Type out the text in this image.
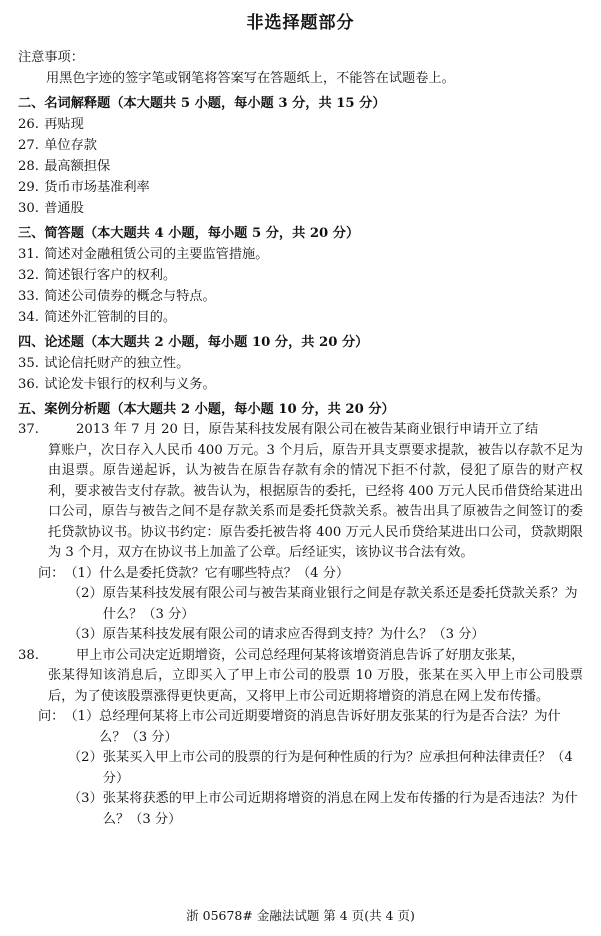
非选择题部分
注意事项：
用黑色字迹的签字笔或钢笔将答案写在答题纸上，不能答在试题卷上。
二、名词解释题（本大题共 5 小题，每小题 3 分，共 15 分）
26. 再贴现
27. 单位存款
28. 最高额担保
29. 货币市场基准利率
30. 普通股
三、简答题（本大题共 4 小题，每小题 5 分，共 20 分）
31. 简述对金融租赁公司的主要监管措施。
32. 简述银行客户的权利。
33. 简述公司债券的概念与特点。
34. 简述外汇管制的目的。
四、论述题（本大题共 2 小题，每小题 10 分，共 20 分）
35. 试论信托财产的独立性。
36. 试论发卡银行的权利与义务。
五、案例分析题（本大题共 2 小题，每小题 10 分，共 20 分）
37.	2013 年 7 月 20 日，原告某科技发展有限公司在被告某商业银行申请开立了结
算账户，次日存入人民币 400 万元。3 个月后，原告开具支票要求提款，被告以存款不足为由退票。原告递起诉，认为被告在原告存款有余的情况下拒不付款，侵犯了原告的财产权利，要求被告支付存款。被告认为，根据原告的委托，已经将 400 万元人民币借贷给某进出口公司，原告与被告之间不是存款关系而是委托贷款关系。被告出具了原被告之间签订的委托贷款协议书。协议书约定：原告委托被告将 400 万元人民币贷给某进出口公司，贷款期限为 3 个月，双方在协议书上加盖了公章。后经证实，该协议书合法有效。
问： （1） 什么是委托贷款？它有哪些特点？（4 分）
（2） 原告某科技发展有限公司与被告某商业银行之间是存款关系还是委托贷款关系？为什么？（3 分）
（3） 原告某科技发展有限公司的请求应否得到支持？为什么？（3 分）
38.	甲上市公司决定近期增资，公司总经理何某将该增资消息告诉了好朋友张某，
张某得知该消息后，立即买入了甲上市公司的股票 10 万股，张某在买入甲上市公司股票后，为了使该股票涨得更快更高，又将甲上市公司近期将增资的消息在网上发布传播。
问： （1） 总经理何某将上市公司近期要增资的消息告诉好朋友张某的行为是否合法？为什么？（3 分）
（2） 张某买入甲上市公司的股票的行为是何种性质的行为？应承担何种法律责任？（4 分）
（3） 张某将获悉的甲上市公司近期将增资的消息在网上发布传播的行为是否违法？为什么？（3 分）
浙 05678# 金融法试题 第 4 页(共 4 页)
